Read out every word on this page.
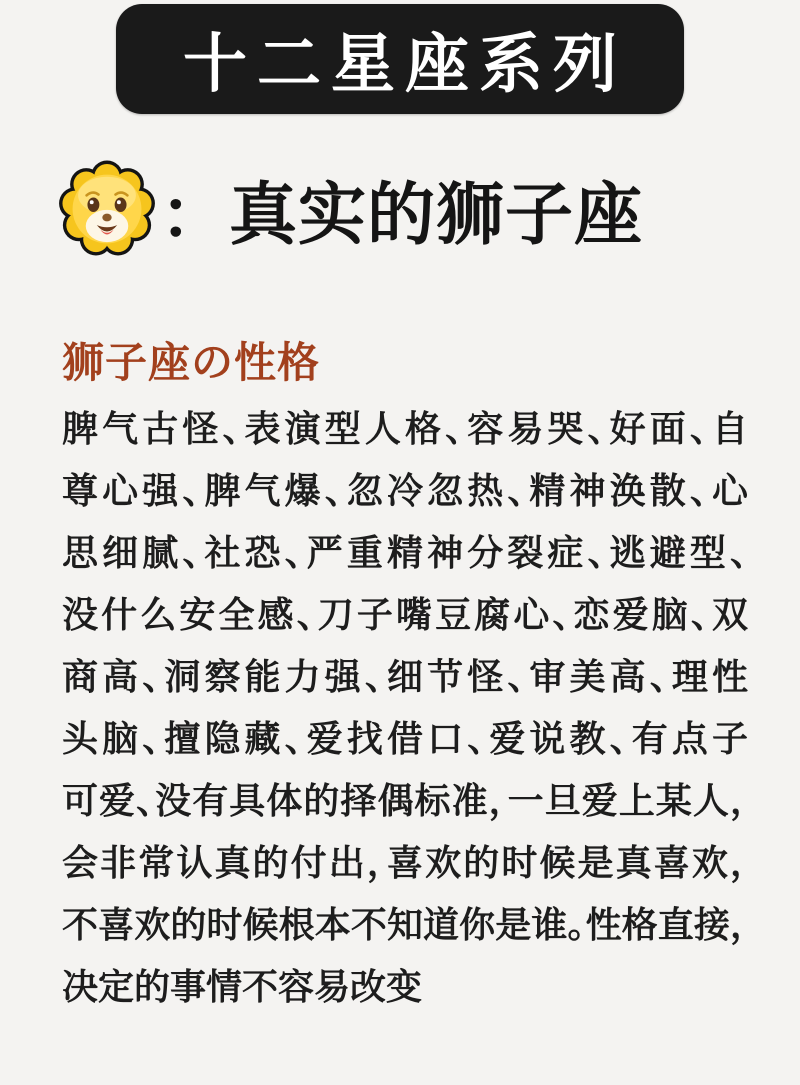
十二星座系列
：真实的狮子座
狮子座の性格
脾气古怪、表演型人格、容易哭、好面、自
尊心强、脾气爆、忽冷忽热、精神涣散、心
思细腻、社恐、严重精神分裂症、逃避型、
没什么安全感、刀子嘴豆腐心、恋爱脑、双
商高、洞察能力强、细节怪、审美高、理性
头脑、擅隐藏、爱找借口、爱说教、有点子
可爱、没有具体的择偶标准，一旦爱上某人，
会非常认真的付出，喜欢的时候是真喜欢，
不喜欢的时候根本不知道你是谁。性格直接，
决定的事情不容易改变
